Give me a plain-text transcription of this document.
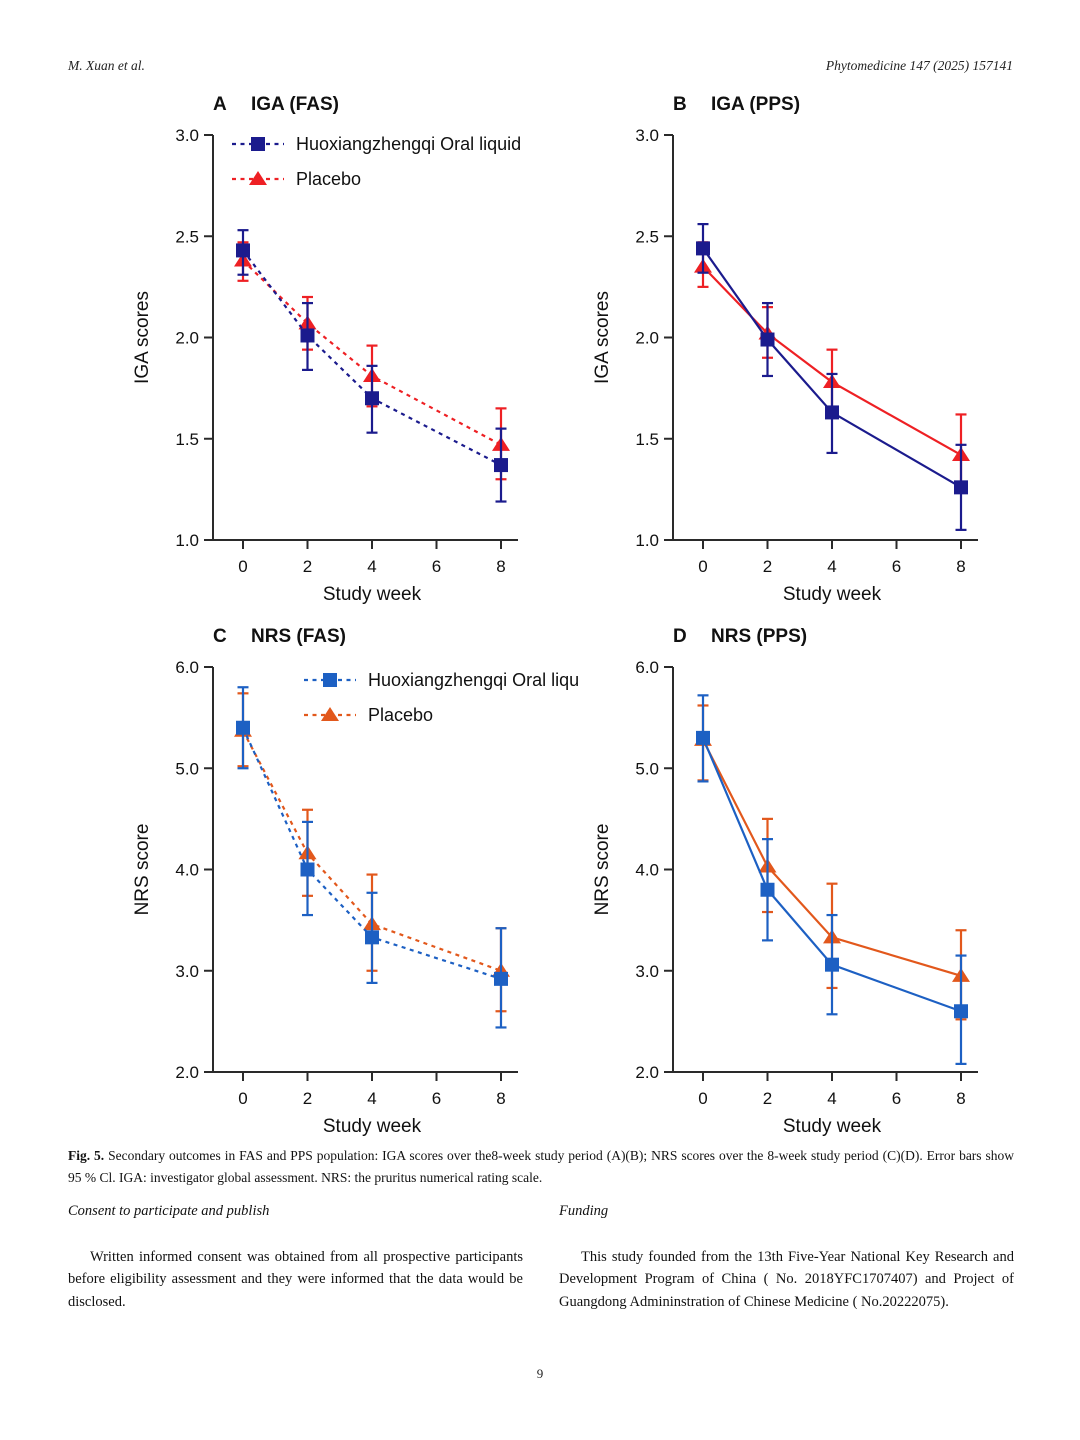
M. Xuan et al.	Phytomedicine 147 (2025) 157141
A IGA (FAS)
1.0
1.5
2.0
2.5
3.0
0	2	4	6	8
Study week
IGA scores
Huoxiangzhengqi Oral liquid
Placebo
B IGA (PPS)
1.0
1.5
2.0
2.5
3.0
0	2	4	6	8
Study week
IGA scores
C NRS (FAS)
2.0
3.0
4.0
5.0
6.0
0	2	4	6	8
Study week
NRS score
Huoxiangzhengqi Oral liquid
Placebo
D NRS (PPS)
2.0
3.0
4.0
5.0
6.0
0	2	4	6	8
Study week
NRS score

Fig. 5. Secondary outcomes in FAS and PPS population: IGA scores over the8-week study period (A)(B); NRS scores over the 8-week study period (C)(D). Error bars show 95 % Cl. IGA: investigator global assessment. NRS: the pruritus numerical rating scale.

Consent to participate and publish

Written informed consent was obtained from all prospective participants before eligibility assessment and they were informed that the data would be disclosed.

Funding

This study founded from the 13th Five-Year National Key Research and Development Program of China ( No. 2018YFC1707407) and Project of Guangdong Admininstration of Chinese Medicine ( No.20222075).

9
